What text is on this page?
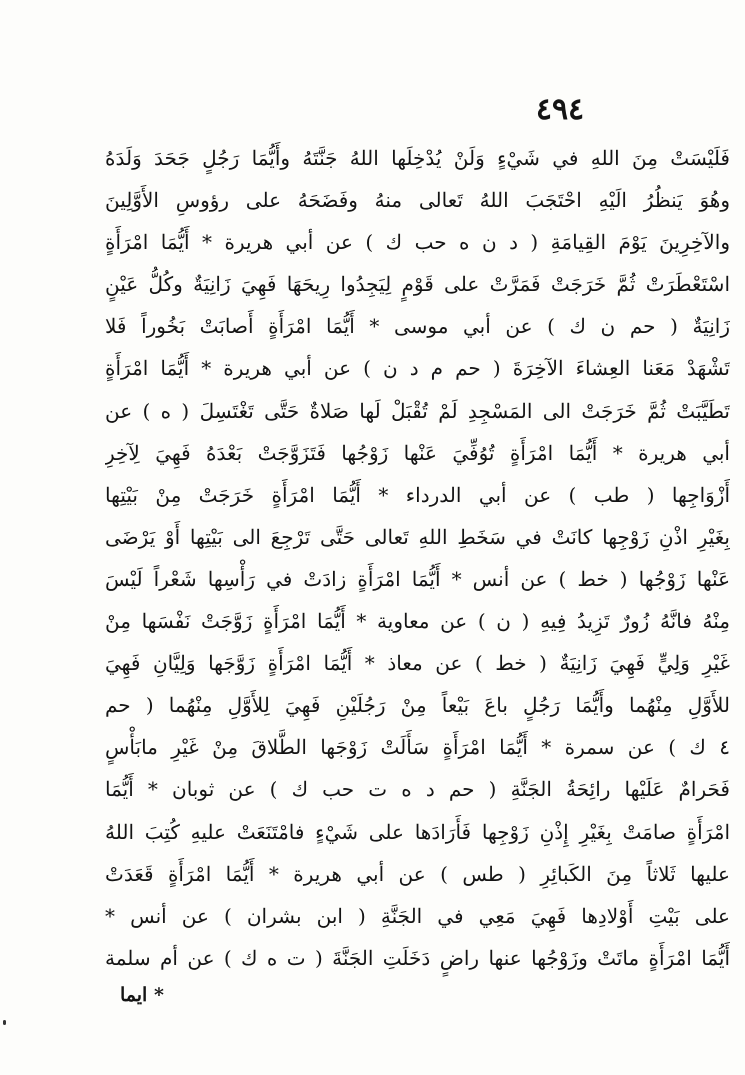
٤٩٤
فَلَيْسَتْ مِنَ اللهِ في شَيْءٍ وَلَنْ يُدْخِلَها اللهُ جَنَّتَهُ وأَيُّمَا رَجُلٍ جَحَدَ وَلَدَهُ
وهُوَ يَنظُرُ الَيْهِ احْتَجَبَ اللهُ تَعالى منهُ وفَضَحَهُ على رؤوسِ الأَوَّلِينَ
والآخِرِينَ يَوْمَ القِيامَةِ ( د ن ه حب ك ) عن أبي هريرة * أَيُّمَا امْرَأَةٍ
اسْتَعْطَرَتْ ثُمَّ خَرَجَتْ فَمَرَّتْ على قَوْمٍ لِيَجِدُوا رِيحَهَا فَهِيَ زَانِيَةٌ وكُلُّ عَيْنٍ
زَانِيَةٌ ( حم ن ك ) عن أبي موسى * أَيُّمَا امْرَأَةٍ أَصابَتْ بَخُوراً فَلا
تَشْهَدْ مَعَنا العِشاءَ الآخِرَةَ ( حم م د ن ) عن أبي هريرة * أَيُّمَا امْرَأَةٍ
تَطَيَّبَتْ ثُمَّ خَرَجَتْ الى المَسْجِدِ لَمْ تُقْبَلْ لَها صَلاةٌ حَتَّى تَغْتَسِلَ ( ه ) عن
أبي هريرة * أَيُّمَا امْرَأَةٍ تُوُفِّيَ عَنْها زَوْجُها فَتَزَوَّجَتْ بَعْدَهُ فَهِيَ لِآخِرِ
أَزْوَاجِها ( طب ) عن أبي الدرداء * أَيُّمَا امْرَأَةٍ خَرَجَتْ مِنْ بَيْتِها
بِغَيْرِ اذْنِ زَوْجِها كانَتْ في سَخَطِ اللهِ تَعالى حَتَّى تَرْجِعَ الى بَيْتِها أَوْ يَرْضَى
عَنْها زَوْجُها ( خط ) عن أنس * أَيُّمَا امْرَأَةٍ زادَتْ في رَأْسِها شَعْراً لَيْسَ
مِنْهُ فانَّهُ زُورٌ تَزِيدُ فِيهِ ( ن ) عن معاوية * أَيُّمَا امْرَأَةٍ زَوَّجَتْ نَفْسَها مِنْ
غَيْرِ وَلِيٍّ فَهِيَ زَانِيَةٌ ( خط ) عن معاذ * أَيُّمَا امْرَأَةٍ زَوَّجَها وَلِيَّانِ فَهِيَ
للأَوَّلِ مِنْهُما وأَيُّمَا رَجُلٍ باعَ بَيْعاً مِنْ رَجُلَيْنِ فَهِيَ لِلأَوَّلِ مِنْهُما ( حم
٤ ك ) عن سمرة * أَيُّمَا امْرَأَةٍ سَأَلَتْ زَوْجَها الطَّلاقَ مِنْ غَيْرِ مابَأْسٍ
فَحَرامٌ عَلَيْها رائِحَةُ الجَنَّةِ ( حم د ه ت حب ك ) عن ثوبان * أَيُّمَا
امْرَأَةٍ صامَتْ بِغَيْرِ إِذْنِ زَوْجِها فَأَرَادَها على شَيْءٍ فامْتَنَعَتْ عليهِ كُتِبَ اللهُ
عليها ثَلاثاً مِنَ الكَبائِرِ ( طس ) عن أبي هريرة * أَيُّمَا امْرَأَةٍ قَعَدَتْ
على بَيْتِ أَوْلادِها فَهِيَ مَعِي في الجَنَّةِ ( ابن بشران ) عن أنس *
أَيُّمَا امْرَأَةٍ ماتَتْ وزَوْجُها عنها راضٍ دَخَلَتِ الجَنَّةَ ( ت ه ك ) عن أم سلمة
* ايما
